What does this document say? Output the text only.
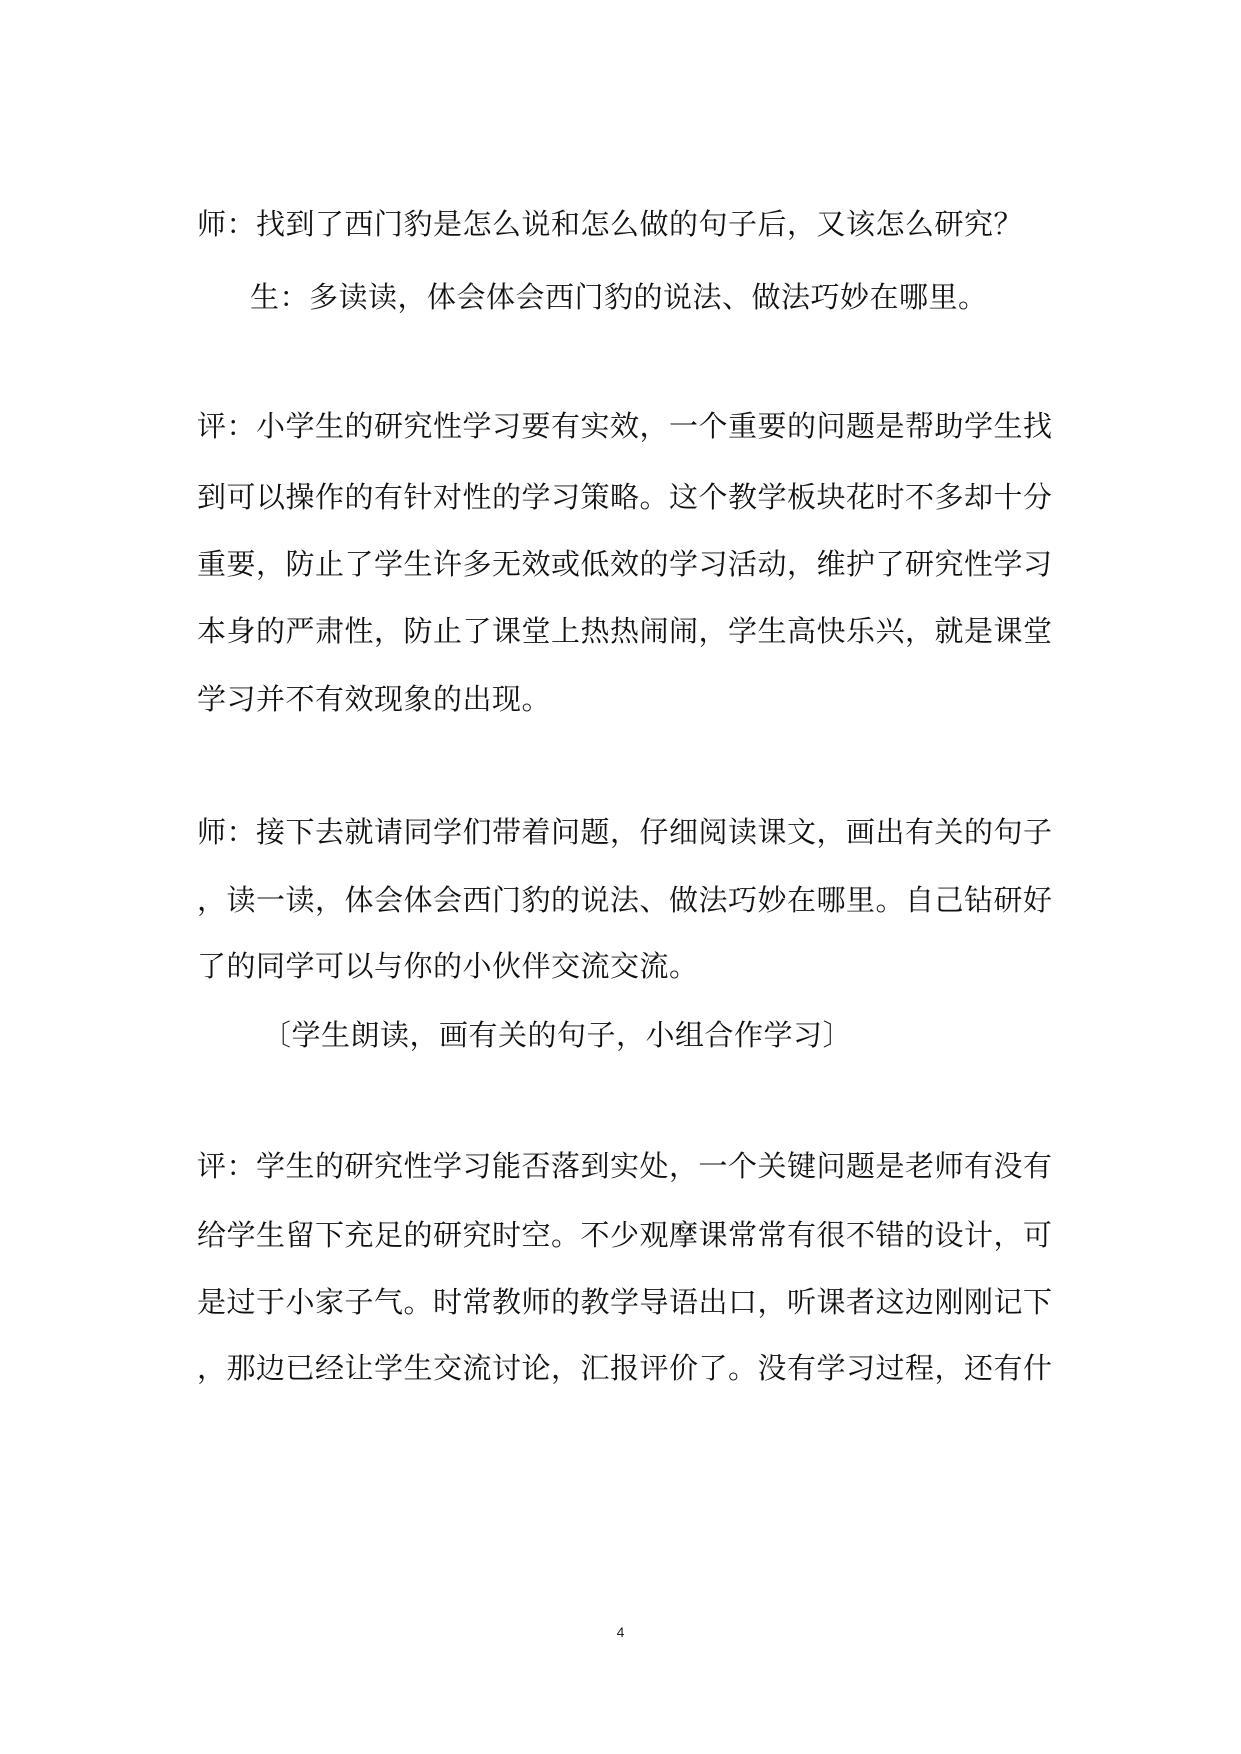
师：找到了西门豹是怎么说和怎么做的句子后，又该怎么研究？
生：多读读，体会体会西门豹的说法、做法巧妙在哪里。
评：小学生的研究性学习要有实效，一个重要的问题是帮助学生找
到可以操作的有针对性的学习策略。这个教学板块花时不多却十分
重要，防止了学生许多无效或低效的学习活动，维护了研究性学习
本身的严肃性，防止了课堂上热热闹闹，学生高快乐兴，就是课堂
学习并不有效现象的出现。
师：接下去就请同学们带着问题，仔细阅读课文，画出有关的句子
，读一读，体会体会西门豹的说法、做法巧妙在哪里。自己钻研好
了的同学可以与你的小伙伴交流交流。
〔学生朗读，画有关的句子，小组合作学习〕
评：学生的研究性学习能否落到实处，一个关键问题是老师有没有
给学生留下充足的研究时空。不少观摩课常常有很不错的设计，可
是过于小家子气。时常教师的教学导语出口，听课者这边刚刚记下
，那边已经让学生交流讨论，汇报评价了。没有学习过程，还有什
4
